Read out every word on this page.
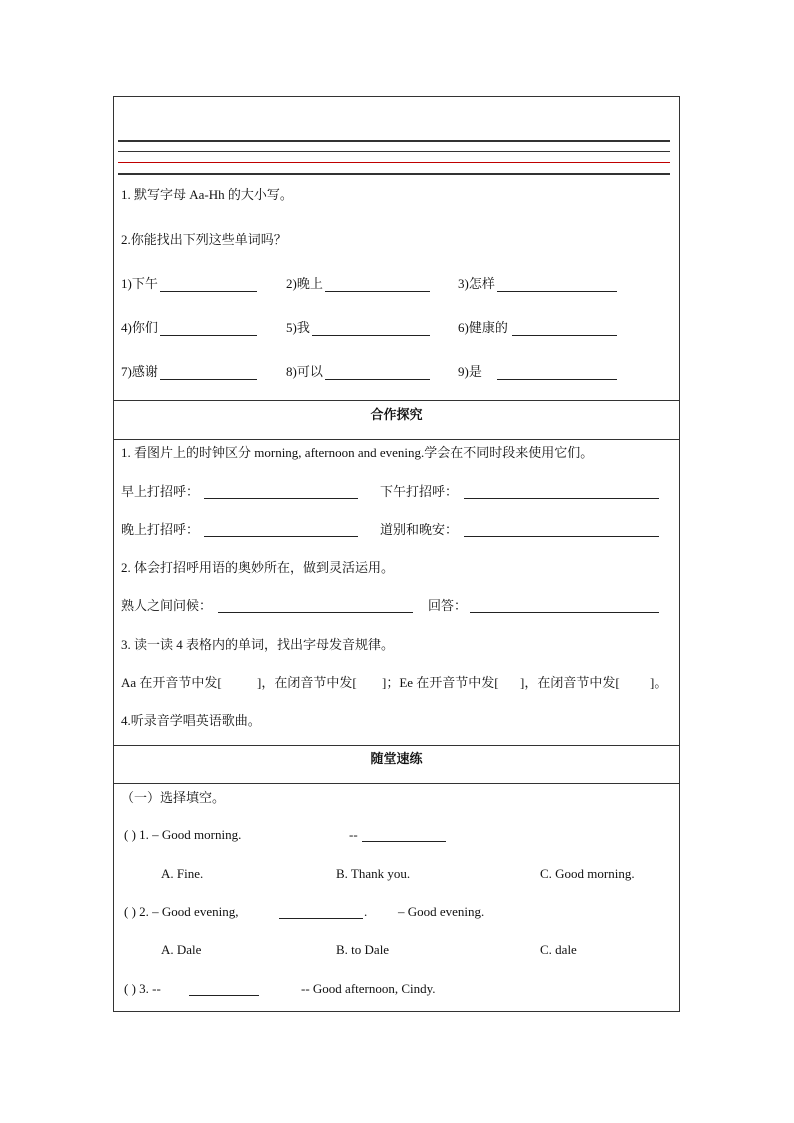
1. 默写字母 Aa-Hh 的大小写。
2.你能找出下列这些单词吗？
1)下午	2)晚上	3)怎样
4)你们	5)我	6)健康的
7)感谢	8)可以	9)是
合作探究
1. 看图片上的时钟区分 morning, afternoon and evening.学会在不同时段来使用它们。
早上打招呼：	下午打招呼：
晚上打招呼：	道别和晚安：
2. 体会打招呼用语的奥妙所在，做到灵活运用。
熟人之间问候：	回答：
3. 读一读 4 表格内的单词，找出字母发音规律。
Aa 在开音节中发[	]，在闭音节中发[ ]；Ee 在开音节中发[ ]，在闭音节中发[ ]。
4.听录音学唱英语歌曲。
随堂速练
（一）选择填空。
( ) 1. – Good morning.	--
A. Fine.	B. Thank you.	C. Good morning.
( ) 2. – Good evening,	. – Good evening.
A. Dale	B. to Dale	C. dale
( ) 3. --	-- Good afternoon, Cindy.
